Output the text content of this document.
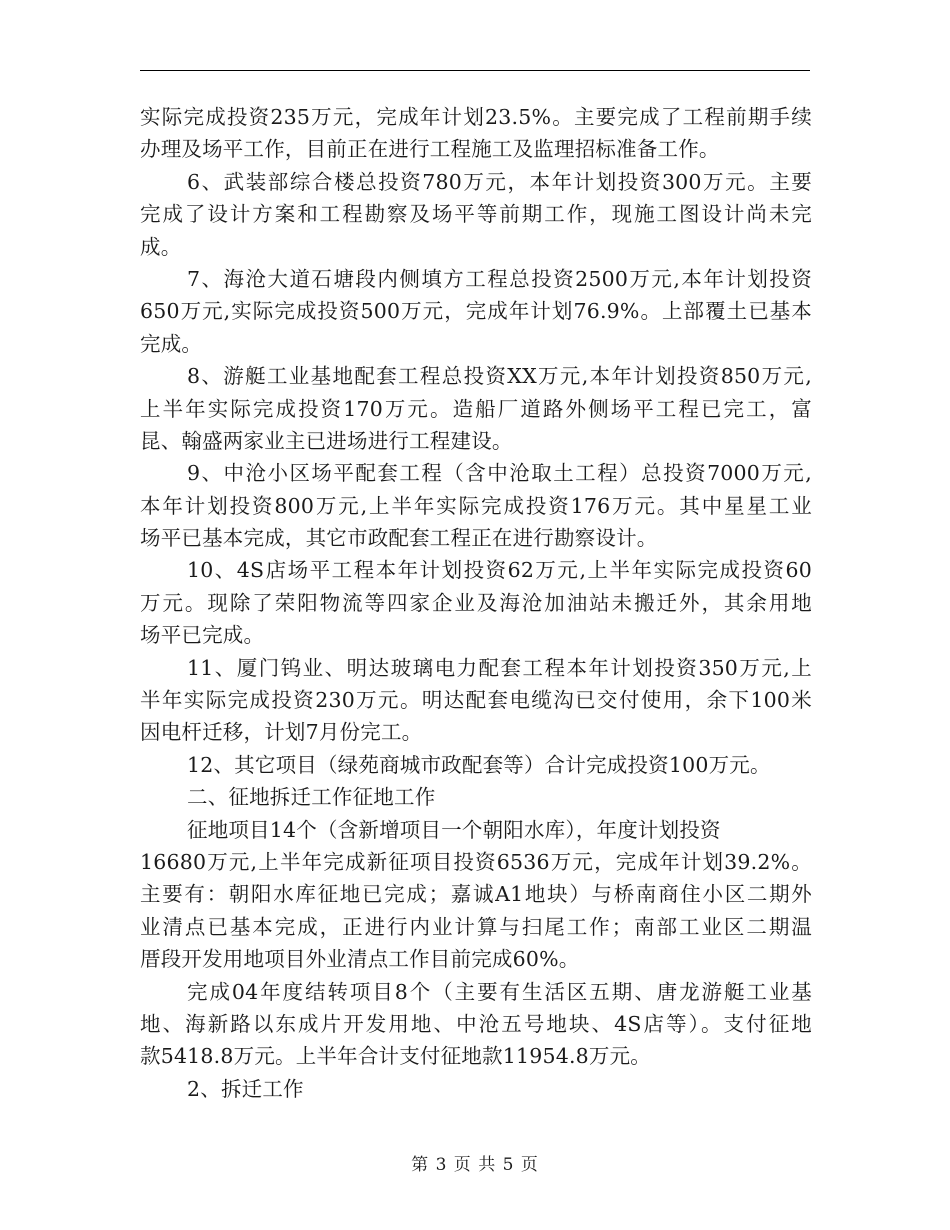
实际完成投资235万元，完成年计划23.5%。主要完成了工程前期手续
办理及场平工作，目前正在进行工程施工及监理招标准备工作。
6、武装部综合楼总投资780万元，本年计划投资300万元。主要
完成了设计方案和工程勘察及场平等前期工作，现施工图设计尚未完
成。
7、海沧大道石塘段内侧填方工程总投资2500万元,本年计划投资
650万元,实际完成投资500万元，完成年计划76.9%。上部覆土已基本
完成。
8、游艇工业基地配套工程总投资XX万元,本年计划投资850万元,
上半年实际完成投资170万元。造船厂道路外侧场平工程已完工，富
昆、翰盛两家业主已进场进行工程建设。
9、中沧小区场平配套工程（含中沧取土工程）总投资7000万元,
本年计划投资800万元,上半年实际完成投资176万元。其中星星工业
场平已基本完成，其它市政配套工程正在进行勘察设计。
10、4S店场平工程本年计划投资62万元,上半年实际完成投资60
万元。现除了荣阳物流等四家企业及海沧加油站未搬迁外，其余用地
场平已完成。
11、厦门钨业、明达玻璃电力配套工程本年计划投资350万元,上
半年实际完成投资230万元。明达配套电缆沟已交付使用，余下100米
因电杆迁移，计划7月份完工。
12、其它项目（绿苑商城市政配套等）合计完成投资100万元。
二、征地拆迁工作征地工作
征地项目14个（含新增项目一个朝阳水库），年度计划投资
16680万元,上半年完成新征项目投资6536万元，完成年计划39.2%。
主要有：朝阳水库征地已完成；嘉诚A1地块）与桥南商住小区二期外
业清点已基本完成，正进行内业计算与扫尾工作；南部工业区二期温
厝段开发用地项目外业清点工作目前完成60%。
完成04年度结转项目8个（主要有生活区五期、唐龙游艇工业基
地、海新路以东成片开发用地、中沧五号地块、4S店等）。支付征地
款5418.8万元。上半年合计支付征地款11954.8万元。
2、拆迁工作
第 3 页 共 5 页
